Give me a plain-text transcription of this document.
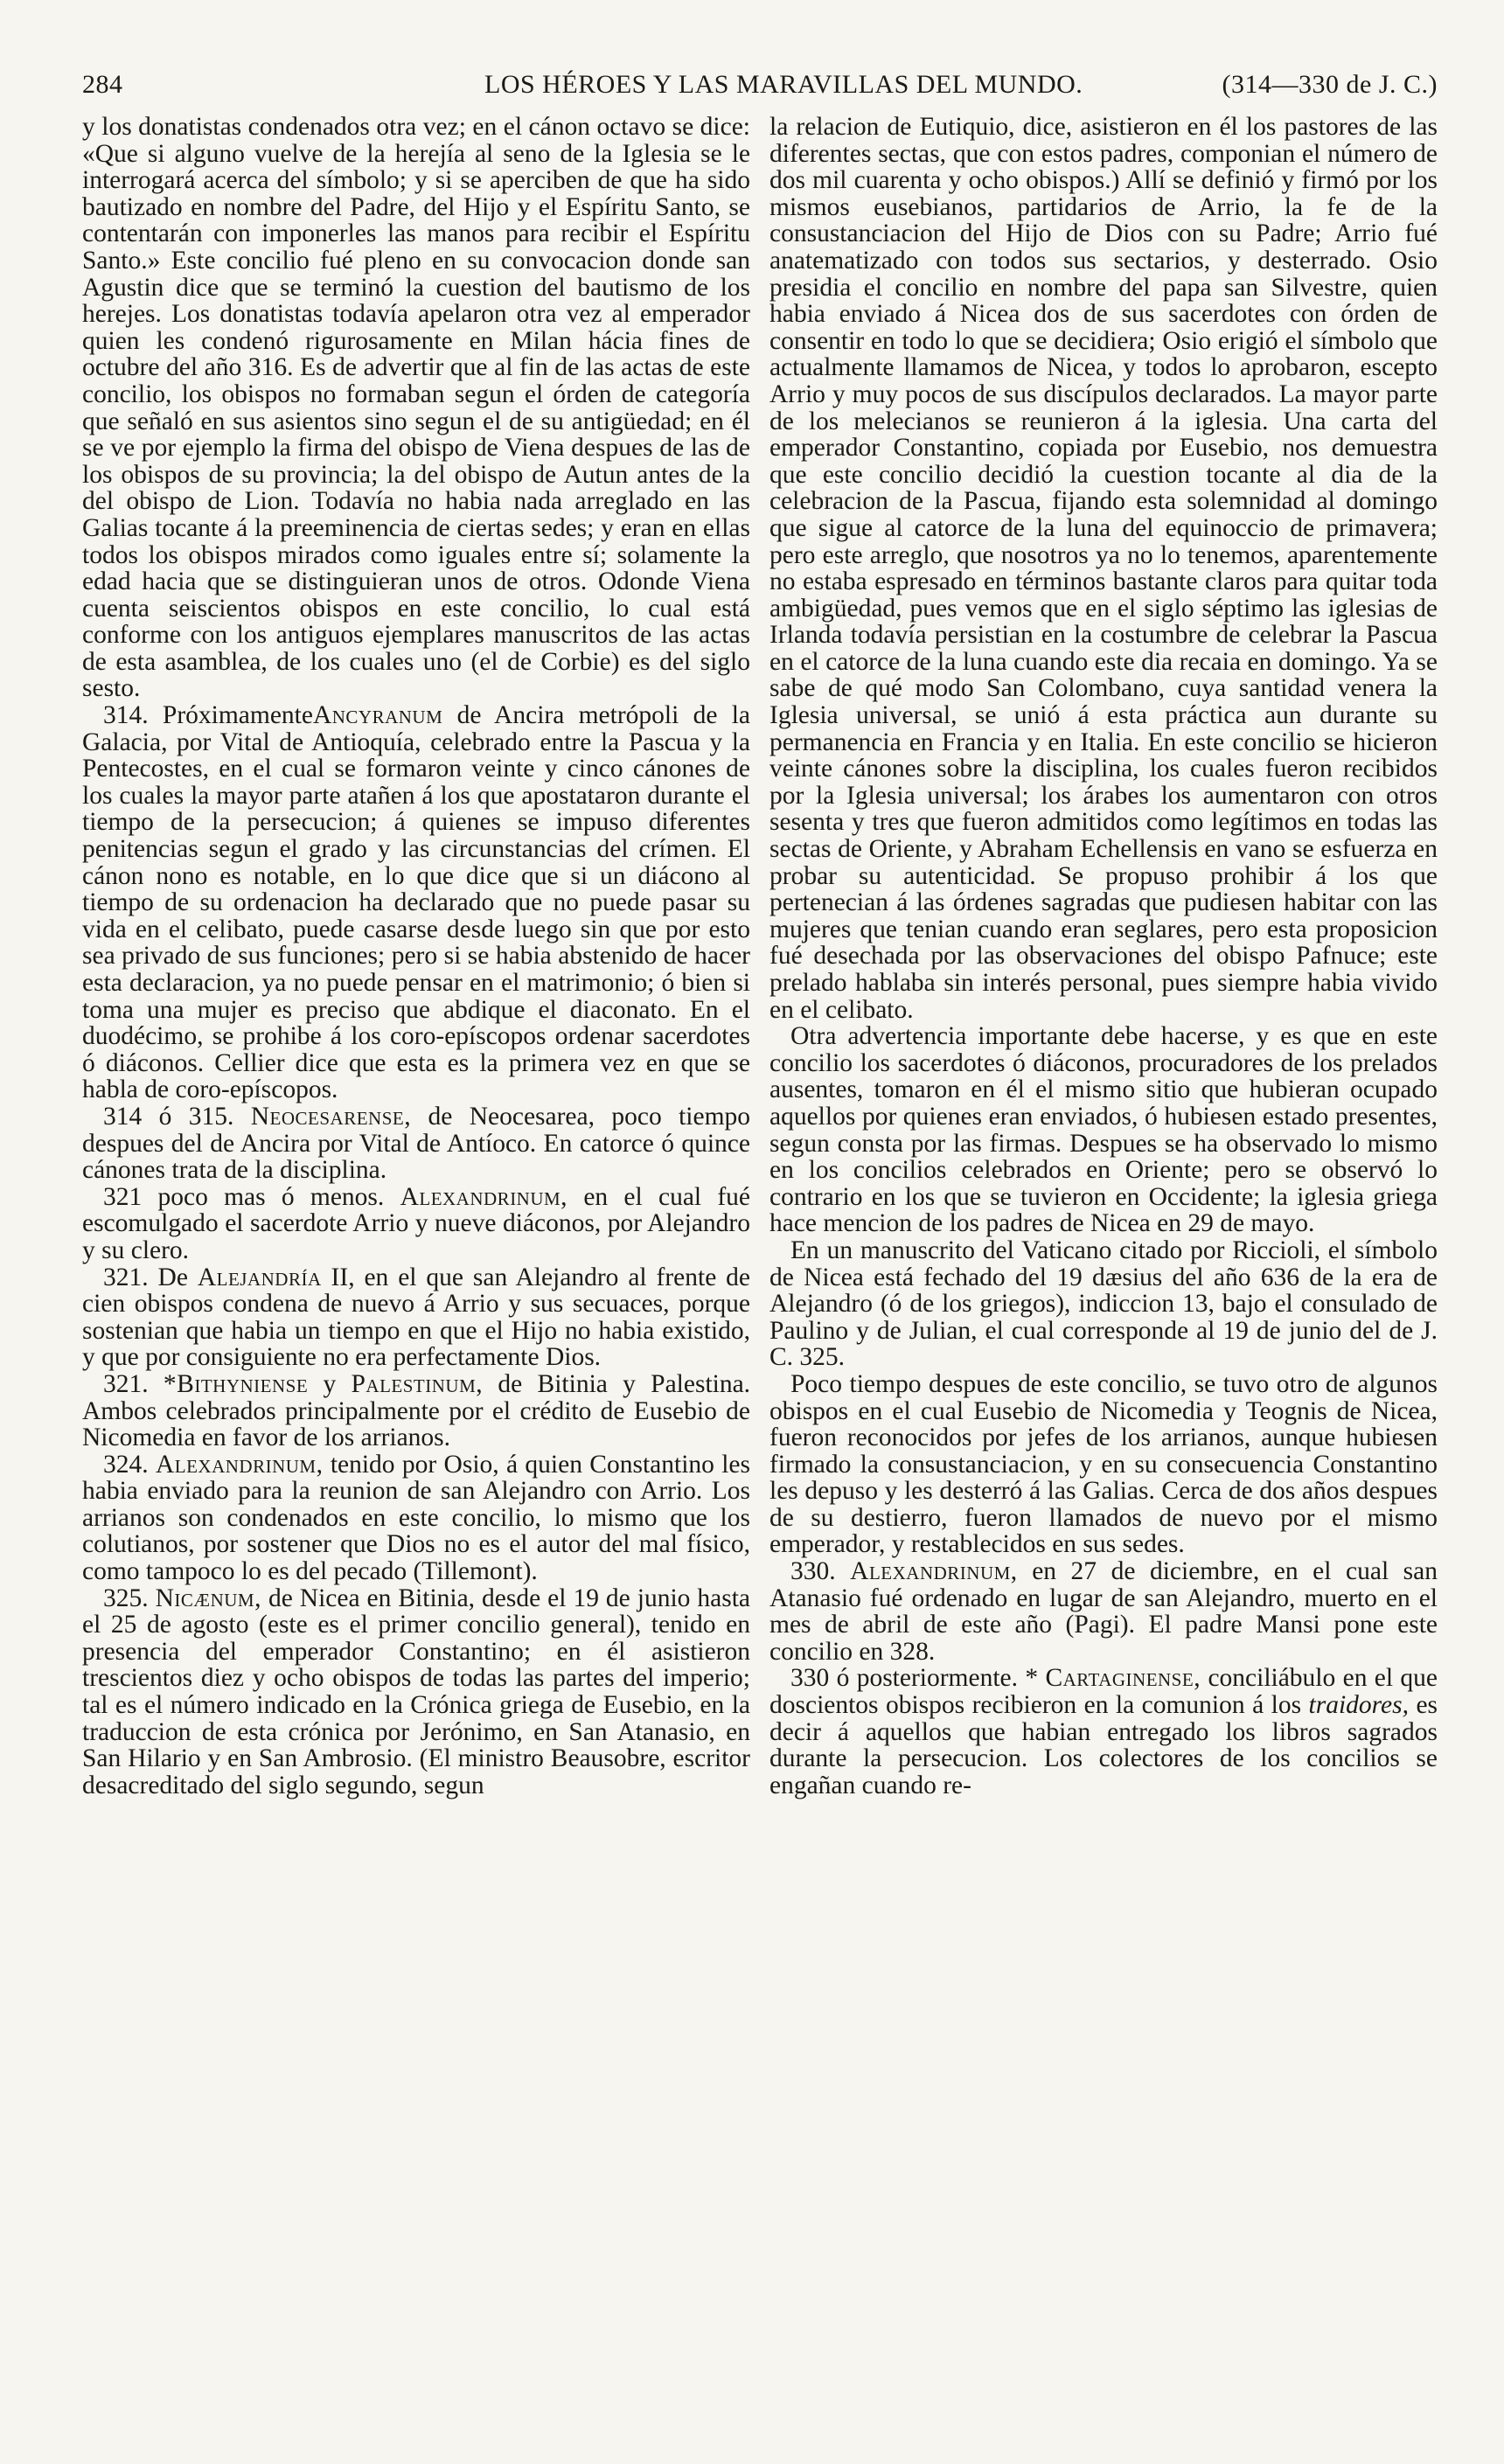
284	LOS HÉROES Y LAS MARAVILLAS DEL MUNDO.	(314—330 de J. C.)

y los donatistas condenados otra vez; en el cánon octavo se dice: «Que si alguno vuelve de la herejía al seno de la Iglesia se le interrogará acerca del símbolo; y si se aperciben de que ha sido bautizado en nombre del Padre, del Hijo y el Espíritu Santo, se contentarán con imponerles las manos para recibir el Espíritu Santo.» Este concilio fué pleno en su convocacion donde san Agustin dice que se terminó la cuestion del bautismo de los herejes. Los donatistas todavía apelaron otra vez al emperador quien les condenó rigurosamente en Milan hácia fines de octubre del año 316. Es de advertir que al fin de las actas de este concilio, los obispos no formaban segun el órden de categoría que señaló en sus asientos sino segun el de su antigüedad; en él se ve por ejemplo la firma del obispo de Viena despues de las de los obispos de su provincia; la del obispo de Autun antes de la del obispo de Lion. Todavía no habia nada arreglado en las Galias tocante á la preeminencia de ciertas sedes; y eran en ellas todos los obispos mirados como iguales entre sí; solamente la edad hacia que se distinguieran unos de otros. Odonde Viena cuenta seiscientos obispos en este concilio, lo cual está conforme con los antiguos ejemplares manuscritos de las actas de esta asamblea, de los cuales uno (el de Corbie) es del siglo sesto.

314. PróximamenteAncyranum de Ancira metrópoli de la Galacia, por Vital de Antioquía, celebrado entre la Pascua y la Pentecostes, en el cual se formaron veinte y cinco cánones de los cuales la mayor parte atañen á los que apostataron durante el tiempo de la persecucion; á quienes se impuso diferentes penitencias segun el grado y las circunstancias del crímen. El cánon nono es notable, en lo que dice que si un diácono al tiempo de su ordenacion ha declarado que no puede pasar su vida en el celibato, puede casarse desde luego sin que por esto sea privado de sus funciones; pero si se habia abstenido de hacer esta declaracion, ya no puede pensar en el matrimonio; ó bien si toma una mujer es preciso que abdique el diaconato. En el duodécimo, se prohibe á los coro-epíscopos ordenar sacerdotes ó diáconos. Cellier dice que esta es la primera vez en que se habla de coro-epíscopos.

314 ó 315. Neocesarense, de Neocesarea, poco tiempo despues del de Ancira por Vital de Antíoco. En catorce ó quince cánones trata de la disciplina.

321 poco mas ó menos. Alexandrinum, en el cual fué escomulgado el sacerdote Arrio y nueve diáconos, por Alejandro y su clero.

321. De Alejandría II, en el que san Alejandro al frente de cien obispos condena de nuevo á Arrio y sus secuaces, porque sostenian que habia un tiempo en que el Hijo no habia existido, y que por consiguiente no era perfectamente Dios.

321. *Bithyniense y Palestinum, de Bitinia y Palestina. Ambos celebrados principalmente por el crédito de Eusebio de Nicomedia en favor de los arrianos.

324. Alexandrinum, tenido por Osio, á quien Constantino les habia enviado para la reunion de san Alejandro con Arrio. Los arrianos son condenados en este concilio, lo mismo que los colutianos, por sostener que Dios no es el autor del mal físico, como tampoco lo es del pecado (Tillemont).

325. Nicænum, de Nicea en Bitinia, desde el 19 de junio hasta el 25 de agosto (este es el primer concilio general), tenido en presencia del emperador Constantino; en él asistieron trescientos diez y ocho obispos de todas las partes del imperio; tal es el número indicado en la Crónica griega de Eusebio, en la traduccion de esta crónica por Jerónimo, en San Atanasio, en San Hilario y en San Ambrosio. (El ministro Beausobre, escritor desacreditado del siglo segundo, segun

la relacion de Eutiquio, dice, asistieron en él los pastores de las diferentes sectas, que con estos padres, componian el número de dos mil cuarenta y ocho obispos.) Allí se definió y firmó por los mismos eusebianos, partidarios de Arrio, la fe de la consustanciacion del Hijo de Dios con su Padre; Arrio fué anatematizado con todos sus sectarios, y desterrado. Osio presidia el concilio en nombre del papa san Silvestre, quien habia enviado á Nicea dos de sus sacerdotes con órden de consentir en todo lo que se decidiera; Osio erigió el símbolo que actualmente llamamos de Nicea, y todos lo aprobaron, escepto Arrio y muy pocos de sus discípulos declarados. La mayor parte de los melecianos se reunieron á la iglesia. Una carta del emperador Constantino, copiada por Eusebio, nos demuestra que este concilio decidió la cuestion tocante al dia de la celebracion de la Pascua, fijando esta solemnidad al domingo que sigue al catorce de la luna del equinoccio de primavera; pero este arreglo, que nosotros ya no lo tenemos, aparentemente no estaba espresado en términos bastante claros para quitar toda ambigüedad, pues vemos que en el siglo séptimo las iglesias de Irlanda todavía persistian en la costumbre de celebrar la Pascua en el catorce de la luna cuando este dia recaia en domingo. Ya se sabe de qué modo San Colombano, cuya santidad venera la Iglesia universal, se unió á esta práctica aun durante su permanencia en Francia y en Italia. En este concilio se hicieron veinte cánones sobre la disciplina, los cuales fueron recibidos por la Iglesia universal; los árabes los aumentaron con otros sesenta y tres que fueron admitidos como legítimos en todas las sectas de Oriente, y Abraham Echellensis en vano se esfuerza en probar su autenticidad. Se propuso prohibir á los que pertenecian á las órdenes sagradas que pudiesen habitar con las mujeres que tenian cuando eran seglares, pero esta proposicion fué desechada por las observaciones del obispo Pafnuce; este prelado hablaba sin interés personal, pues siempre habia vivido en el celibato.

Otra advertencia importante debe hacerse, y es que en este concilio los sacerdotes ó diáconos, procuradores de los prelados ausentes, tomaron en él el mismo sitio que hubieran ocupado aquellos por quienes eran enviados, ó hubiesen estado presentes, segun consta por las firmas. Despues se ha observado lo mismo en los concilios celebrados en Oriente; pero se observó lo contrario en los que se tuvieron en Occidente; la iglesia griega hace mencion de los padres de Nicea en 29 de mayo.

En un manuscrito del Vaticano citado por Riccioli, el símbolo de Nicea está fechado del 19 dæsius del año 636 de la era de Alejandro (ó de los griegos), indiccion 13, bajo el consulado de Paulino y de Julian, el cual corresponde al 19 de junio del de J. C. 325.

Poco tiempo despues de este concilio, se tuvo otro de algunos obispos en el cual Eusebio de Nicomedia y Teognis de Nicea, fueron reconocidos por jefes de los arrianos, aunque hubiesen firmado la consustanciacion, y en su consecuencia Constantino les depuso y les desterró á las Galias. Cerca de dos años despues de su destierro, fueron llamados de nuevo por el mismo emperador, y restablecidos en sus sedes.

330. Alexandrinum, en 27 de diciembre, en el cual san Atanasio fué ordenado en lugar de san Alejandro, muerto en el mes de abril de este año (Pagi). El padre Mansi pone este concilio en 328.

330 ó posteriormente. * Cartaginense, conciliábulo en el que doscientos obispos recibieron en la comunion á los traidores, es decir á aquellos que habian entregado los libros sagrados durante la persecucion. Los colectores de los concilios se engañan cuando re-
